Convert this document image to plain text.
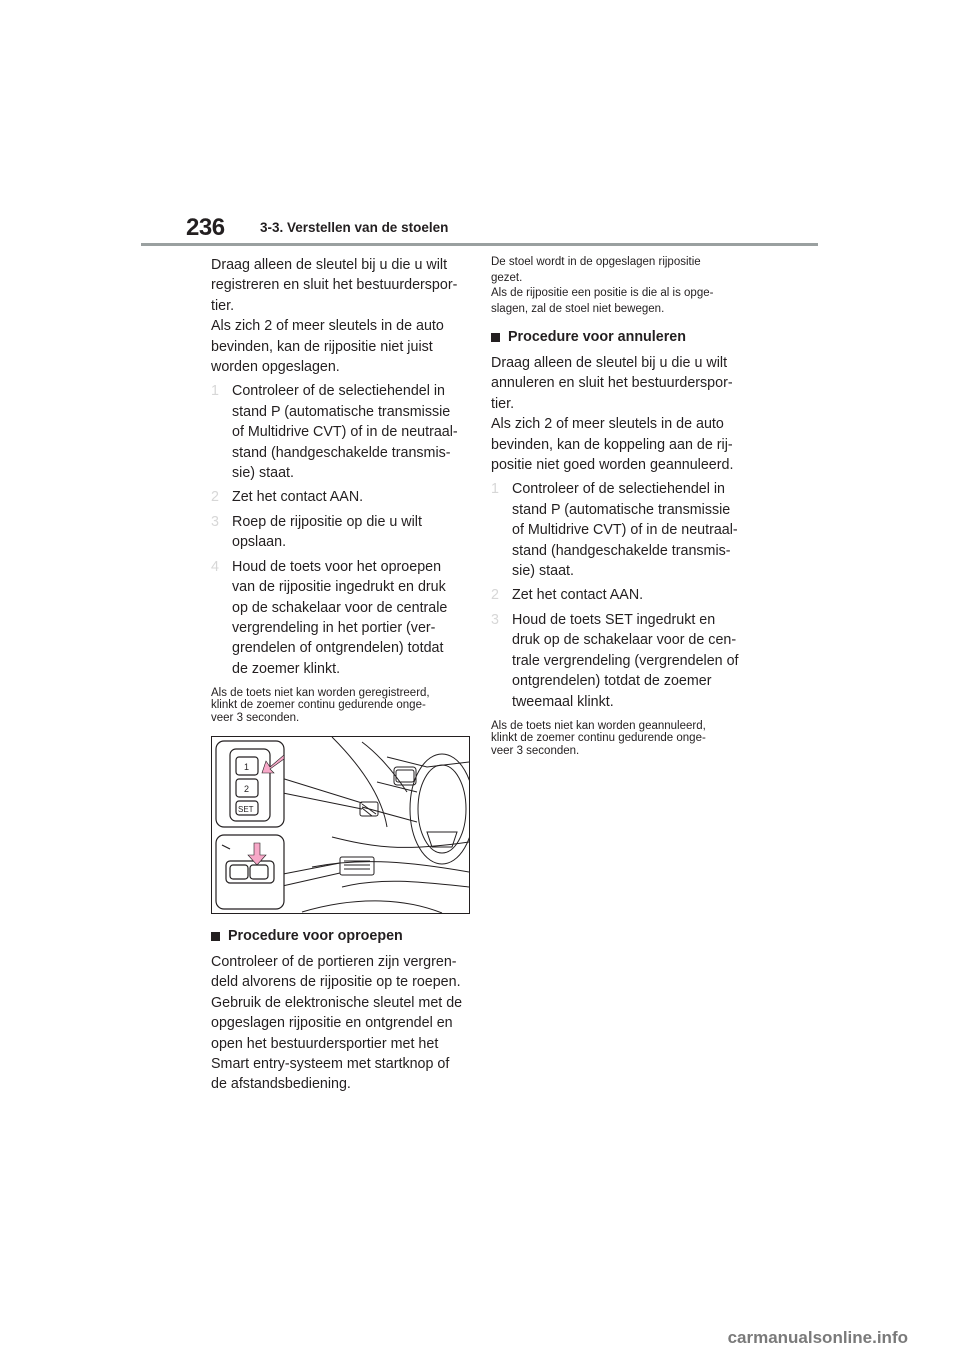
236	3-3. Verstellen van de stoelen

Draag alleen de sleutel bij u die u wilt

registreren en sluit het bestuurderspor-

tier.

Als zich 2 of meer sleutels in de auto

bevinden, kan de rijpositie niet juist

worden opgeslagen.

1 Controleer of de selectiehendel in
stand P (automatische transmissie
of Multidrive CVT) of in de neutraal-
stand (handgeschakelde transmis-
sie) staat.
2 Zet het contact AAN.
3 Roep de rijpositie op die u wilt
opslaan.
4 Houd de toets voor het oproepen
van de rijpositie ingedrukt en druk
op de schakelaar voor de centrale
vergrendeling in het portier (ver-
grendelen of ontgrendelen) totdat
de zoemer klinkt.

Als de toets niet kan worden geregistreerd,

klinkt de zoemer continu gedurende onge-

veer 3 seconden.

1
2
SET
Procedure voor oproepen

Controleer of de portieren zijn vergren-

deld alvorens de rijpositie op te roepen.

Gebruik de elektronische sleutel met de

opgeslagen rijpositie en ontgrendel en

open het bestuurdersportier met het

Smart entry-systeem met startknop of

de afstandsbediening.

De stoel wordt in de opgeslagen rijpositie

gezet.

Als de rijpositie een positie is die al is opge-

slagen, zal de stoel niet bewegen.

Procedure voor annuleren

Draag alleen de sleutel bij u die u wilt

annuleren en sluit het bestuurderspor-

tier.

Als zich 2 of meer sleutels in de auto

bevinden, kan de koppeling aan de rij-

positie niet goed worden geannuleerd.

1 Controleer of de selectiehendel in
stand P (automatische transmissie
of Multidrive CVT) of in de neutraal-
stand (handgeschakelde transmis-
sie) staat.
2 Zet het contact AAN.
3 Houd de toets SET ingedrukt en
druk op de schakelaar voor de cen-
trale vergrendeling (vergrendelen of
ontgrendelen) totdat de zoemer
tweemaal klinkt.

Als de toets niet kan worden geannuleerd,

klinkt de zoemer continu gedurende onge-

veer 3 seconden.

carmanualsonline.info
